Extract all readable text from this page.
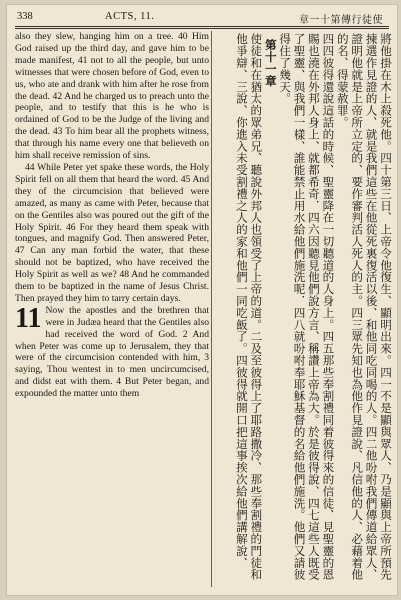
338	ACTS, 11.	章一十第傳行徒使

also they slew, hanging him on a tree. 40 Him God raised up the third day, and gave him to be made manifest, 41 not to all the people, but unto witnesses that were chosen before of God, even to us, who ate and drank with him after he rose from the dead. 42 And he charged us to preach unto the people, and to testify that this is he who is ordained of God to be the Judge of the living and the dead. 43 To him bear all the prophets witness, that through his name every one that believeth on him shall receive remission of sins.

44 While Peter yet spake these words, the Holy Spirit fell on all them that heard the word. 45 And they of the circumcision that believed were amazed, as many as came with Peter, because that on the Gentiles also was poured out the gift of the Holy Spirit. 46 For they heard them speak with tongues, and magnify God. Then answered Peter, 47 Can any man forbid the water, that these should not be baptized, who have received the Holy Spirit as well as we? 48 And he commanded them to be baptized in the name of Jesus Christ. Then prayed they him to tarry certain days.

11 Now the apostles and the brethren that were in Judæa heard that the Gentiles also had received the word of God. 2 And when Peter was come up to Jerusalem, they that were of the circumcision contended with him, 3 saying, Thou wentest in to men uncircumcised, and didst eat with them. 4 But Peter began, and expounded the matter unto them	將他掛在木上殺死他。四十第三日、上帝令他復生、顯明出來。四一不是顯與眾人、乃是顯與上帝所預先揀選作見證的人、就是我們這些在他從死裏復活以後、和他同吃同喝的人。四二他吩咐我們傳道給眾人、證明他就是上帝所立定的、要作審判活人死人的主。四三眾先知也為他作見證說、凡信他的人、必藉着他的名、得蒙赦罪。

四四彼得還說這話的時候、聖靈降在一切聽道的人身上。四五那些奉割禮同着彼得來的信徒、見聖靈的恩賜也澆在外邦人身上、就都希奇．四六因聽見他們說方言、稱讚上帝為大。於是彼得說、四七這些人既受了聖靈、與我們一樣、誰能禁止用水給他們施洗呢．四八就吩咐奉耶穌基督的名給他們施洗。他們又請彼得住了幾天。

第十一章

使徒和在猶太的眾弟兄、聽說外邦人也領受了上帝的道。二及至彼得上了耶路撒冷、那些奉割禮的門徒和他爭辯、三說、你進入未受割禮之人的家和他們一同吃飯了。四彼得就開口把這事挨次給他們講解說、
